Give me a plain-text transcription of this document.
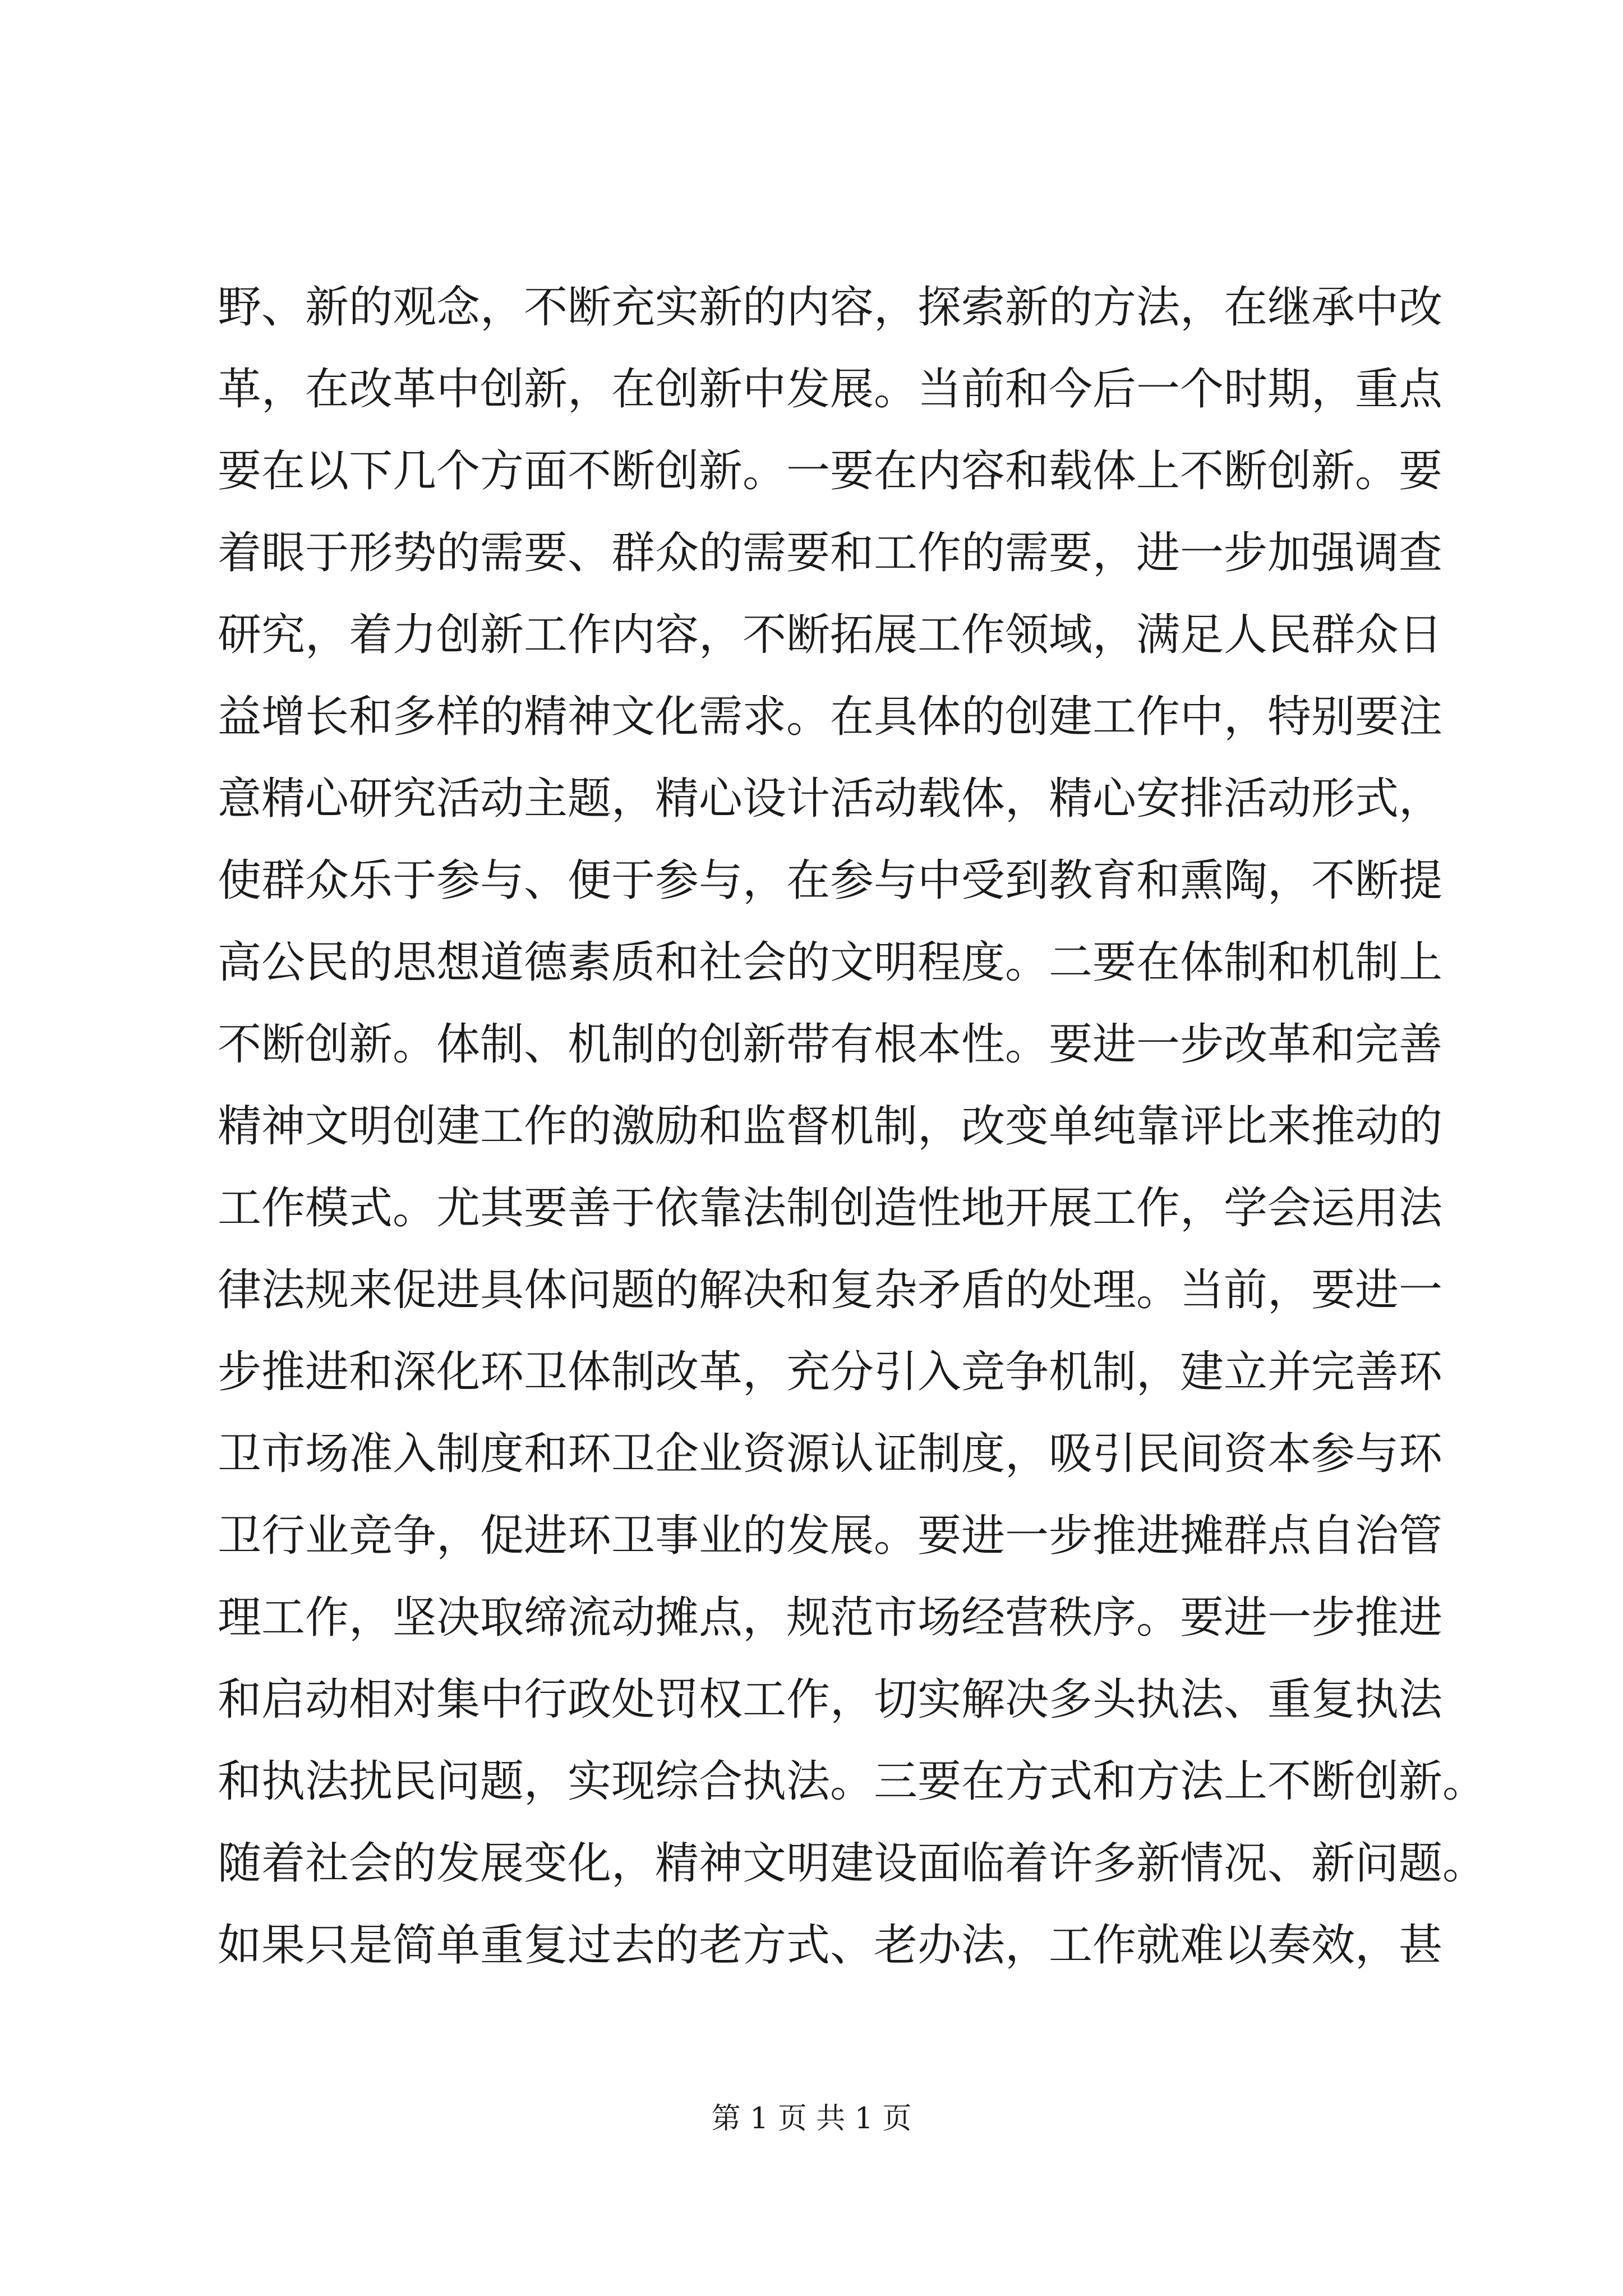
野、新的观念，不断充实新的内容，探索新的方法，在继承中改
革，在改革中创新，在创新中发展。当前和今后一个时期，重点
要在以下几个方面不断创新。一要在内容和载体上不断创新。要
着眼于形势的需要、群众的需要和工作的需要，进一步加强调查
研究，着力创新工作内容，不断拓展工作领域，满足人民群众日
益增长和多样的精神文化需求。在具体的创建工作中，特别要注
意精心研究活动主题，精心设计活动载体，精心安排活动形式，
使群众乐于参与、便于参与，在参与中受到教育和熏陶，不断提
高公民的思想道德素质和社会的文明程度。二要在体制和机制上
不断创新。体制、机制的创新带有根本性。要进一步改革和完善
精神文明创建工作的激励和监督机制，改变单纯靠评比来推动的
工作模式。尤其要善于依靠法制创造性地开展工作，学会运用法
律法规来促进具体问题的解决和复杂矛盾的处理。当前，要进一
步推进和深化环卫体制改革，充分引入竞争机制，建立并完善环
卫市场准入制度和环卫企业资源认证制度，吸引民间资本参与环
卫行业竞争，促进环卫事业的发展。要进一步推进摊群点自治管
理工作，坚决取缔流动摊点，规范市场经营秩序。要进一步推进
和启动相对集中行政处罚权工作，切实解决多头执法、重复执法
和执法扰民问题，实现综合执法。三要在方式和方法上不断创新。
随着社会的发展变化，精神文明建设面临着许多新情况、新问题。
如果只是简单重复过去的老方式、老办法，工作就难以奏效，甚
第 1 页 共 1 页
